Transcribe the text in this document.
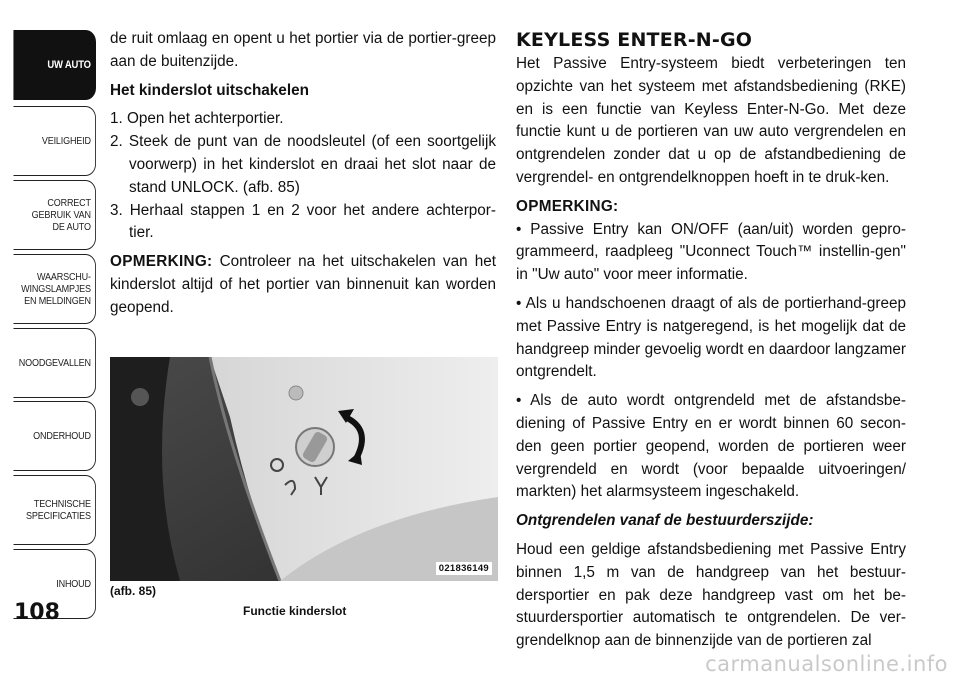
UW AUTO
VEILIGHEID
CORRECT
GEBRUIK VAN
DE AUTO
WAARSCHU-
WINGSLAMPJES
EN MELDINGEN
NOODGEVALLEN
ONDERHOUD
TECHNISCHE
SPECIFICATIES
INHOUD
108

de ruit omlaag en opent u het portier via de portier-greep aan de buitenzijde.

Het kinderslot uitschakelen

1. Open het achterportier.
2. Steek de punt van de noodsleutel (of een soortgelijk voorwerp) in het kinderslot en draai het slot naar de stand UNLOCK. (afb. 85)
3. Herhaal stappen 1 en 2 voor het andere achterpor-tier.

OPMERKING: Controleer na het uitschakelen van het kinderslot altijd of het portier van binnenuit kan worden geopend.

021836149
(afb. 85)
Functie kinderslot
KEYLESS ENTER-N-GO

Het Passive Entry-systeem biedt verbeteringen ten opzichte van het systeem met afstandsbediening (RKE) en is een functie van Keyless Enter-N-Go. Met deze functie kunt u de portieren van uw auto vergrendelen en ontgrendelen zonder dat u op de afstandbediening de vergrendel- en ontgrendelknoppen hoeft in te druk-ken.

OPMERKING:

• Passive Entry kan ON/OFF (aan/uit) worden gepro-grammeerd, raadpleeg "Uconnect Touch™ instellin-gen" in "Uw auto" voor meer informatie.

• Als u handschoenen draagt of als de portierhand-greep met Passive Entry is natgeregend, is het mogelijk dat de handgreep minder gevoelig wordt en daardoor langzamer ontgrendelt.

• Als de auto wordt ontgrendeld met de afstandsbe-diening of Passive Entry en er wordt binnen 60 secon-den geen portier geopend, worden de portieren weer vergrendeld en wordt (voor bepaalde uitvoeringen/ markten) het alarmsysteem ingeschakeld.

Ontgrendelen vanaf de bestuurderszijde:

Houd een geldige afstandsbediening met Passive Entry binnen 1,5 m van de handgreep van het bestuur-dersportier en pak deze handgreep vast om het be-stuurdersportier automatisch te ontgrendelen. De ver-grendelknop aan de binnenzijde van de portieren zal

carmanualsonline.info
